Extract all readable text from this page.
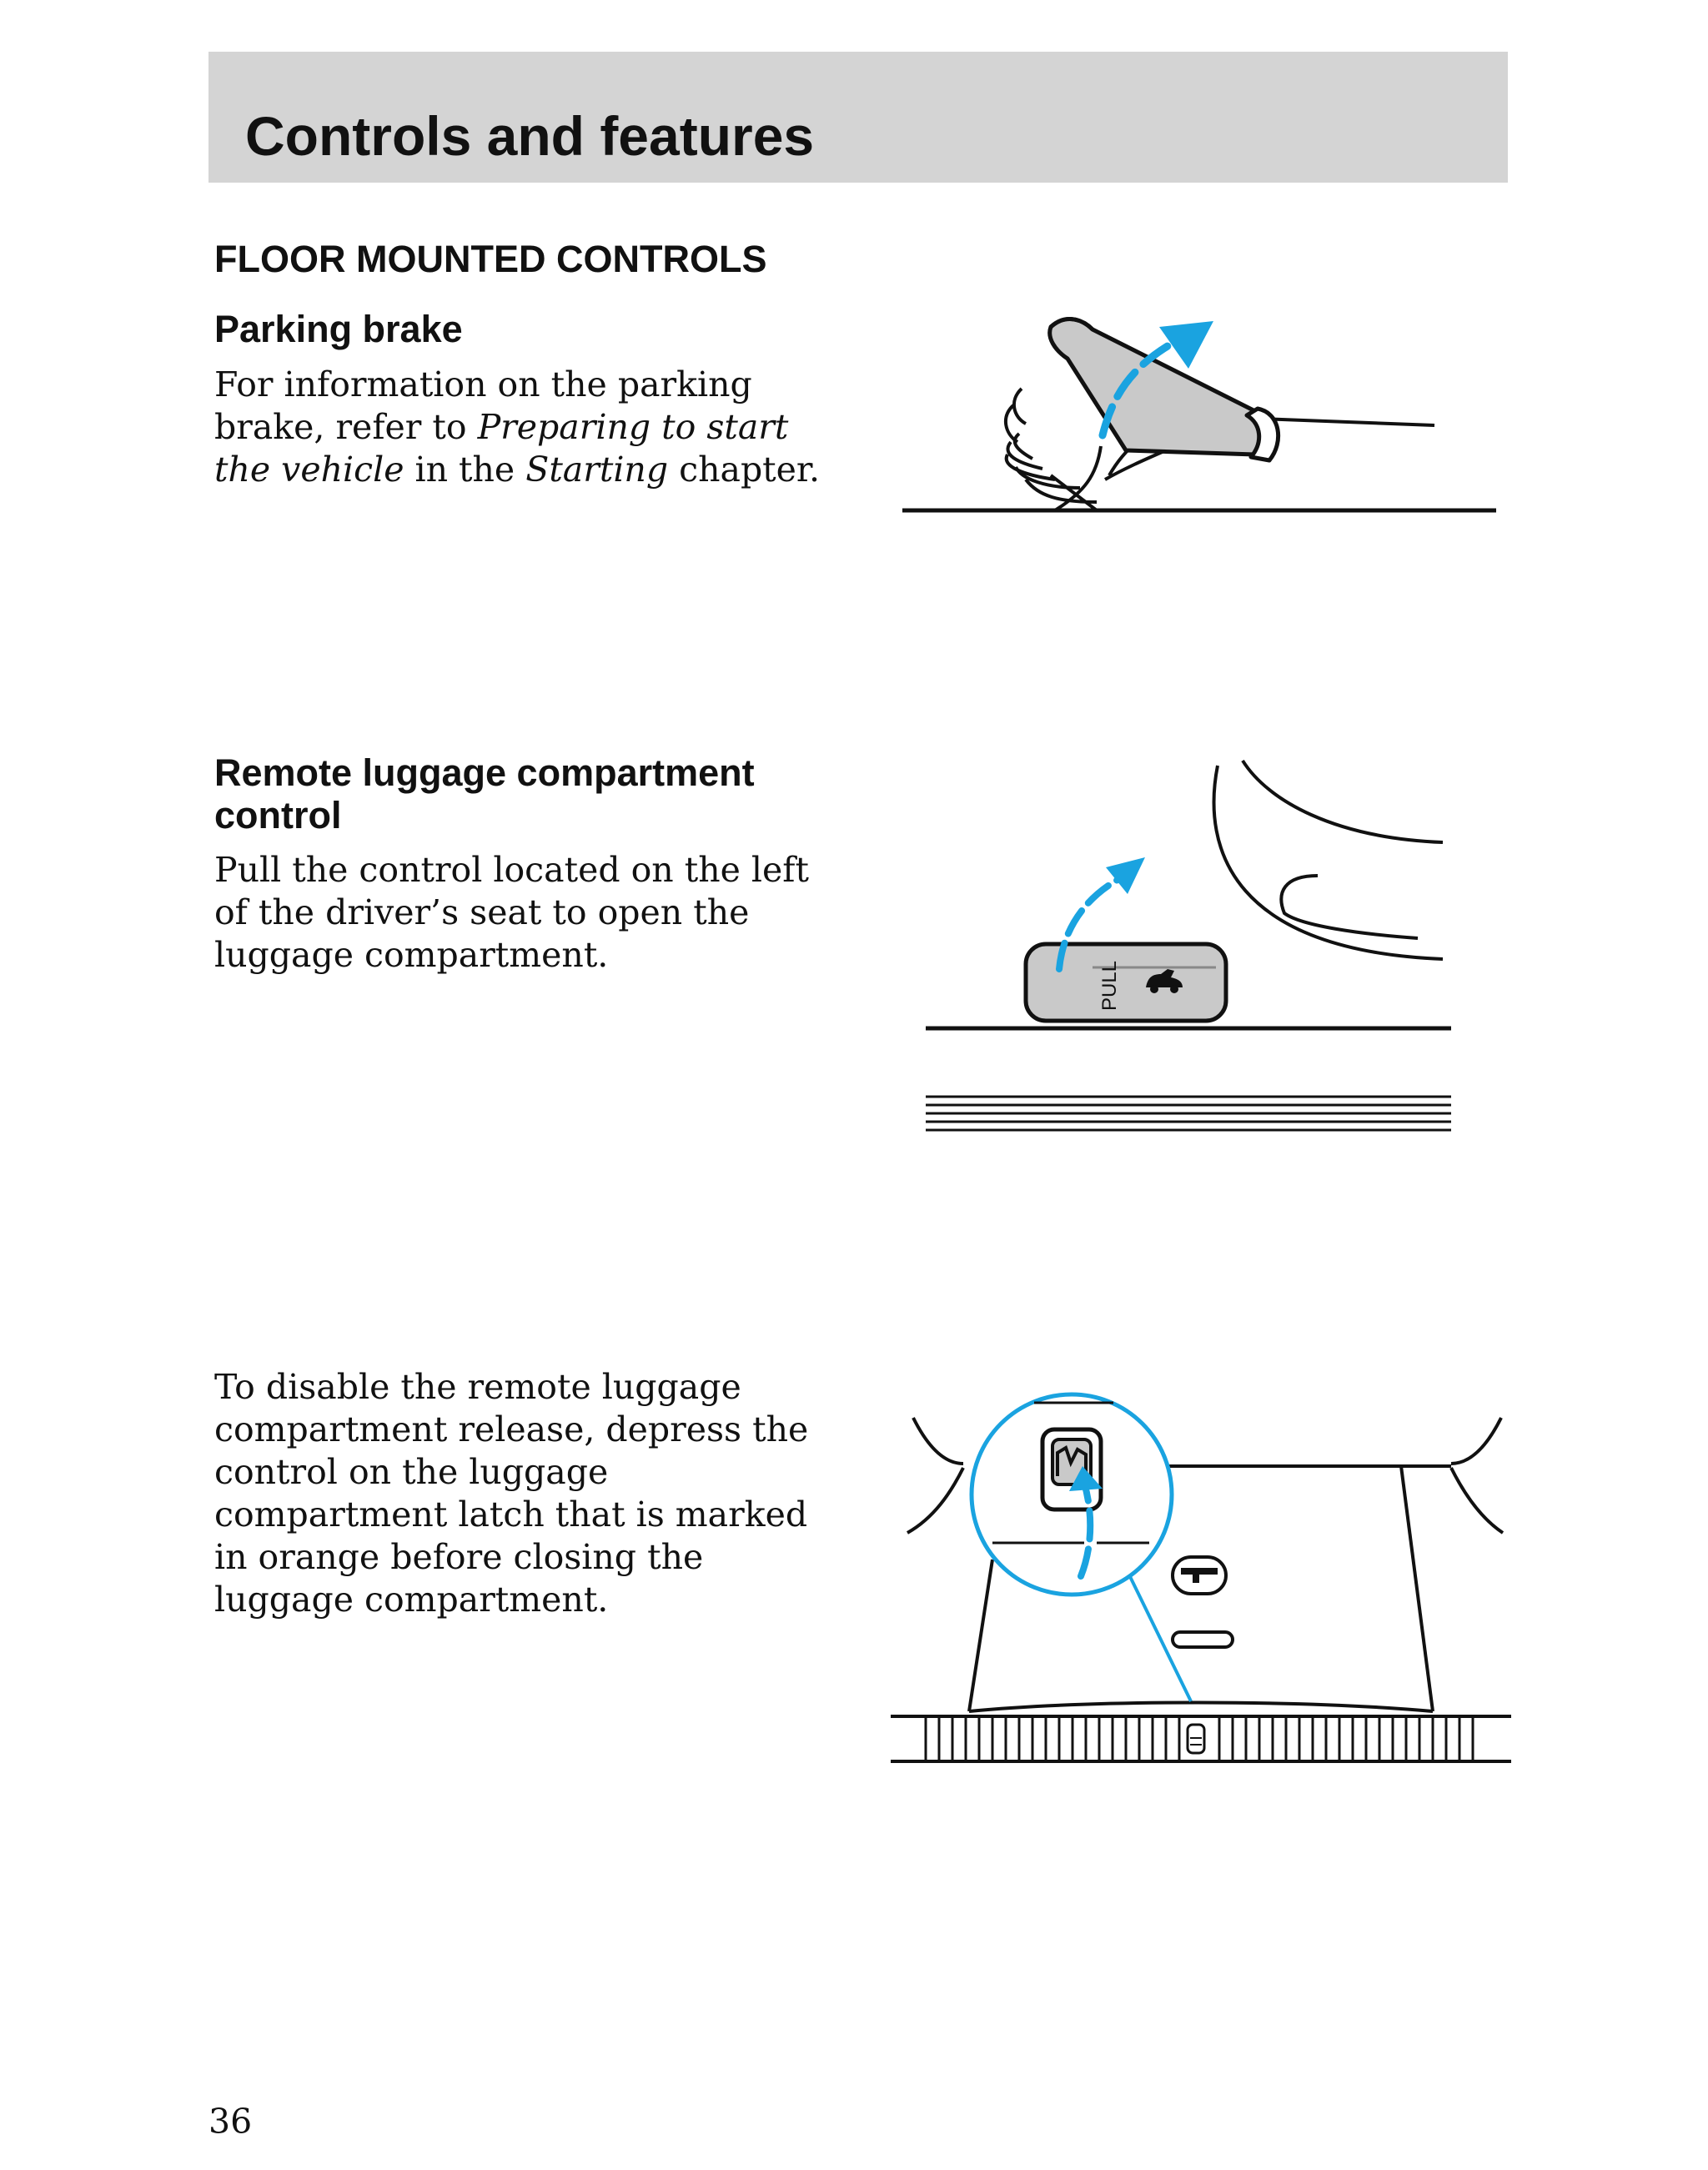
Controls and features
FLOOR MOUNTED CONTROLS
Parking brake

For information on the parking brake, refer to Preparing to start the vehicle in the Starting chapter.

Remote luggage compartment control

Pull the control located on the left of the driver’s seat to open the luggage compartment.

PULL

To disable the remote luggage compartment release, depress the control on the luggage compartment latch that is marked in orange before closing the luggage compartment.

36
